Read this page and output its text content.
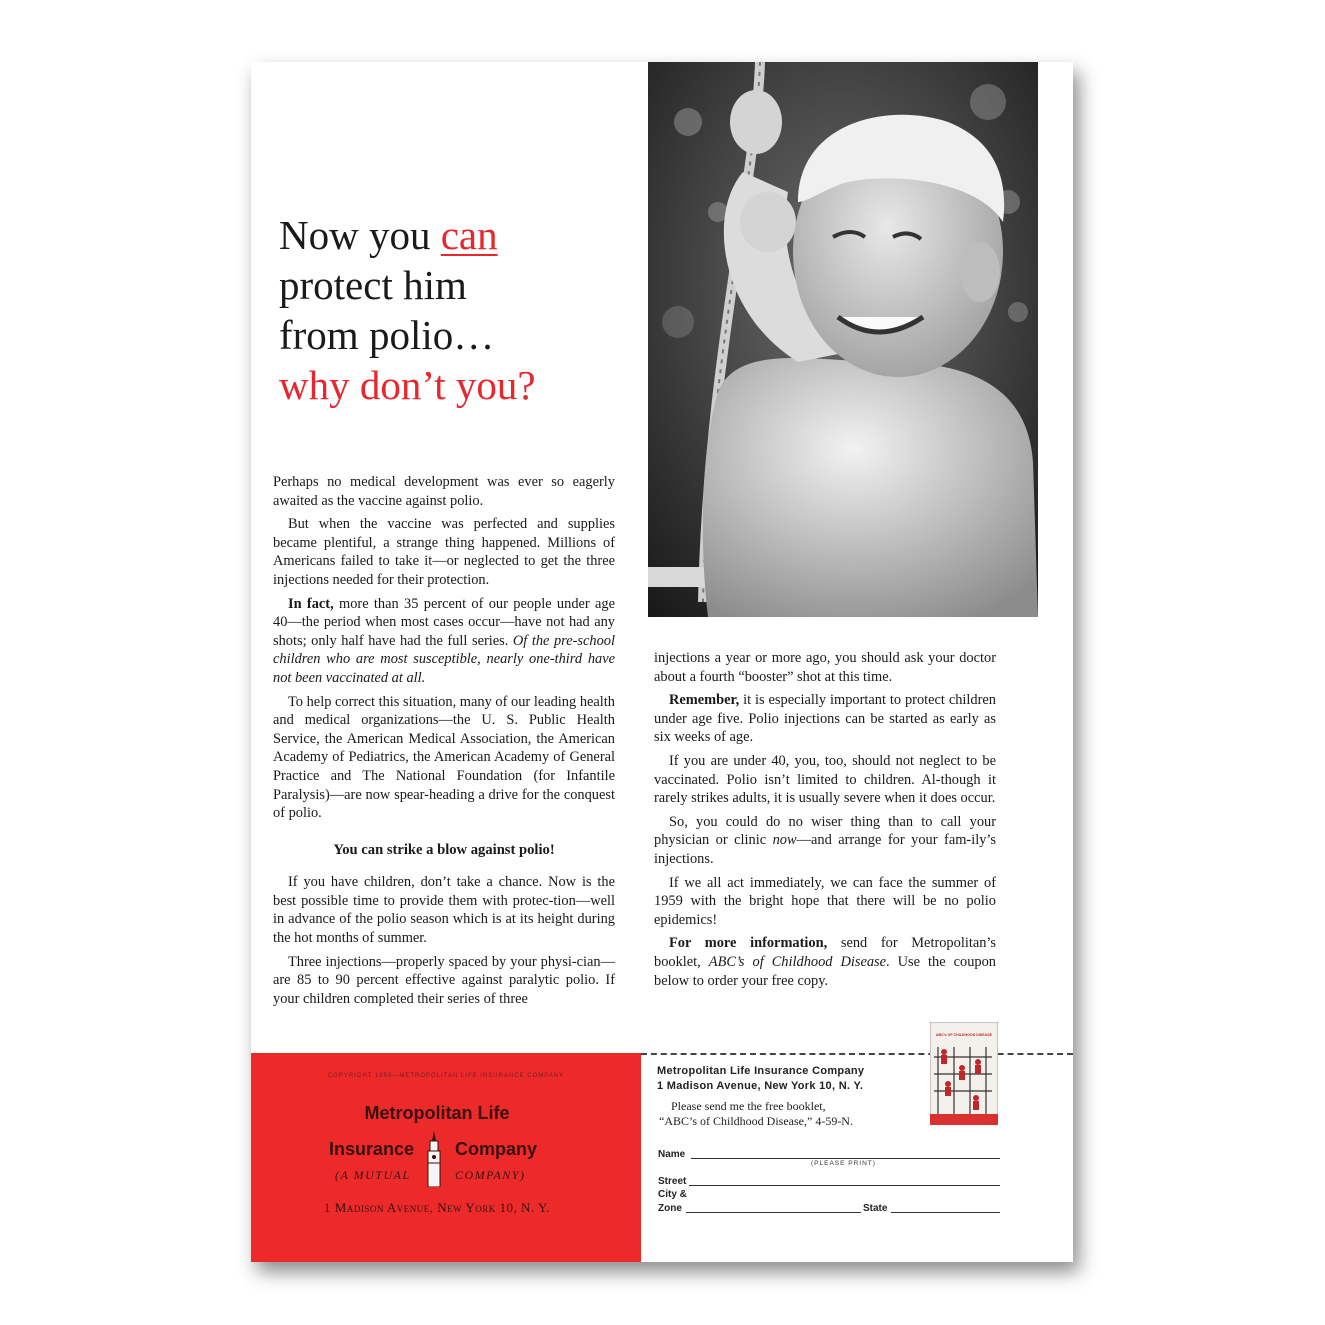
Now you can
protect him
from polio…
why don’t you?

Perhaps no medical development was ever so eagerly awaited as the vaccine against polio.

But when the vaccine was perfected and supplies became plentiful, a strange thing happened. Millions of Americans failed to take it—or neglected to get the three injections needed for their protection.

In fact, more than 35 percent of our people under age 40—the period when most cases occur—have not had any shots; only half have had the full series. Of the pre-school children who are most susceptible, nearly one-third have not been vaccinated at all.

To help correct this situation, many of our leading health and medical organizations—the U. S. Public Health Service, the American Medical Association, the American Academy of Pediatrics, the American Academy of General Practice and The National Foundation (for Infantile Paralysis)—are now spear-heading a drive for the conquest of polio.

You can strike a blow against polio!

If you have children, don’t take a chance. Now is the best possible time to provide them with protec-tion—well in advance of the polio season which is at its height during the hot months of summer.

Three injections—properly spaced by your physi-cian—are 85 to 90 percent effective against paralytic polio. If your children completed their series of three

injections a year or more ago, you should ask your doctor about a fourth “booster” shot at this time.

Remember, it is especially important to protect children under age five. Polio injections can be started as early as six weeks of age.

If you are under 40, you, too, should not neglect to be vaccinated. Polio isn’t limited to children. Al-though it rarely strikes adults, it is usually severe when it does occur.

So, you could do no wiser thing than to call your physician or clinic now—and arrange for your fam-ily’s injections.

If we all act immediately, we can face the summer of 1959 with the bright hope that there will be no polio epidemics!

For more information, send for Metropolitan’s booklet, ABC’s of Childhood Disease. Use the coupon below to order your free copy.

COPYRIGHT 1959—METROPOLITAN LIFE INSURANCE COMPANY
Metropolitan Life
Insurance Company
(A MUTUAL	COMPANY)
1 Madison Avenue, New York 10, N. Y.
Metropolitan Life Insurance Company
1 Madison Avenue, New York 10, N. Y.
Please send me the free booklet,
“ABC’s of Childhood Disease,” 4-59-N.
Name
(PLEASE PRINT)
Street
City &
Zone	State
ABC's OF CHILDHOOD DISEASE
